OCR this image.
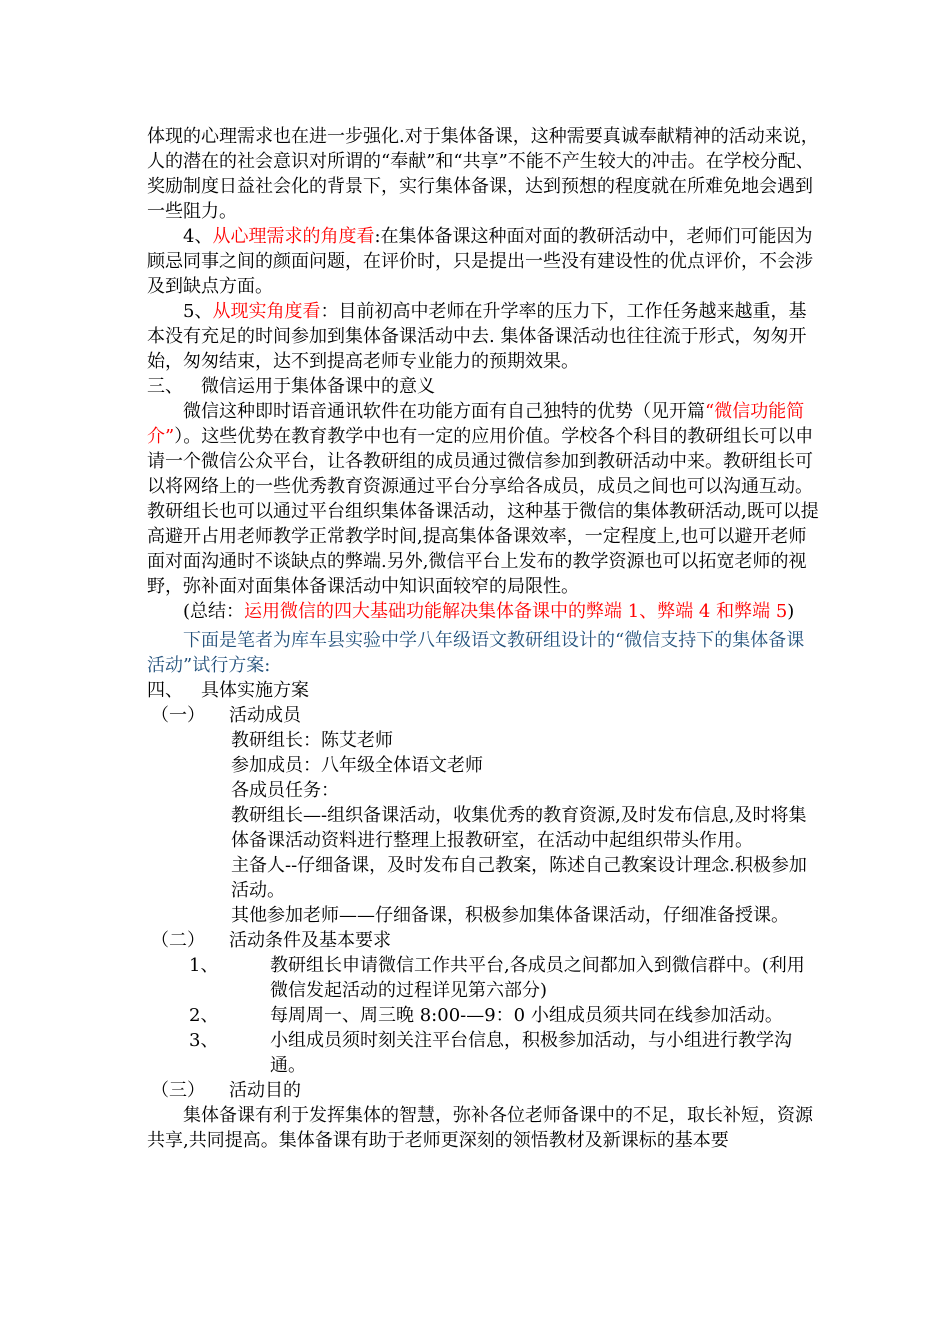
体现的心理需求也在进一步强化.对于集体备课，这种需要真诚奉献精神的活动来说，人的潜在的社会意识对所谓的“奉献”和“共享”不能不产生较大的冲击。在学校分配、奖励制度日益社会化的背景下，实行集体备课，达到预想的程度就在所难免地会遇到一些阻力。

4、从心理需求的角度看:在集体备课这种面对面的教研活动中，老师们可能因为顾忌同事之间的颜面问题，在评价时，只是提出一些没有建设性的优点评价，不会涉及到缺点方面。

5、从现实角度看：目前初高中老师在升学率的压力下，工作任务越来越重，基本没有充足的时间参加到集体备课活动中去. 集体备课活动也往往流于形式，匆匆开始，匆匆结束，达不到提高老师专业能力的预期效果。

三、	微信运用于集体备课中的意义

微信这种即时语音通讯软件在功能方面有自己独特的优势（见开篇“微信功能简介”）。这些优势在教育教学中也有一定的应用价值。学校各个科目的教研组长可以申请一个微信公众平台，让各教研组的成员通过微信参加到教研活动中来。教研组长可以将网络上的一些优秀教育资源通过平台分享给各成员，成员之间也可以沟通互动。教研组长也可以通过平台组织集体备课活动，这种基于微信的集体教研活动,既可以提高避开占用老师教学正常教学时间,提高集体备课效率，一定程度上,也可以避开老师面对面沟通时不谈缺点的弊端.另外,微信平台上发布的教学资源也可以拓宽老师的视野，弥补面对面集体备课活动中知识面较窄的局限性。

(总结：运用微信的四大基础功能解决集体备课中的弊端 1、弊端 4 和弊端 5)

下面是笔者为库车县实验中学八年级语文教研组设计的“微信支持下的集体备课活动”试行方案:

四、	具体实施方案
（一）	活动成员

教研组长：陈艾老师

参加成员：八年级全体语文老师

各成员任务：

教研组长—-组织备课活动，收集优秀的教育资源,及时发布信息,及时将集体备课活动资料进行整理上报教研室，在活动中起组织带头作用。

主备人--仔细备课，及时发布自己教案，陈述自己教案设计理念.积极参加活动。

其他参加老师——仔细备课，积极参加集体备课活动，仔细准备授课。

（二）	活动条件及基本要求
1、	教研组长申请微信工作共平台,各成员之间都加入到微信群中。(利用微信发起活动的过程详见第六部分)
2、	每周周一、周三晚 8:00-—9：0 小组成员须共同在线参加活动。
3、	小组成员须时刻关注平台信息，积极参加活动，与小组进行教学沟通。
（三）	活动目的

集体备课有利于发挥集体的智慧，弥补各位老师备课中的不足，取长补短，资源共享,共同提高。集体备课有助于老师更深刻的领悟教材及新课标的基本要
